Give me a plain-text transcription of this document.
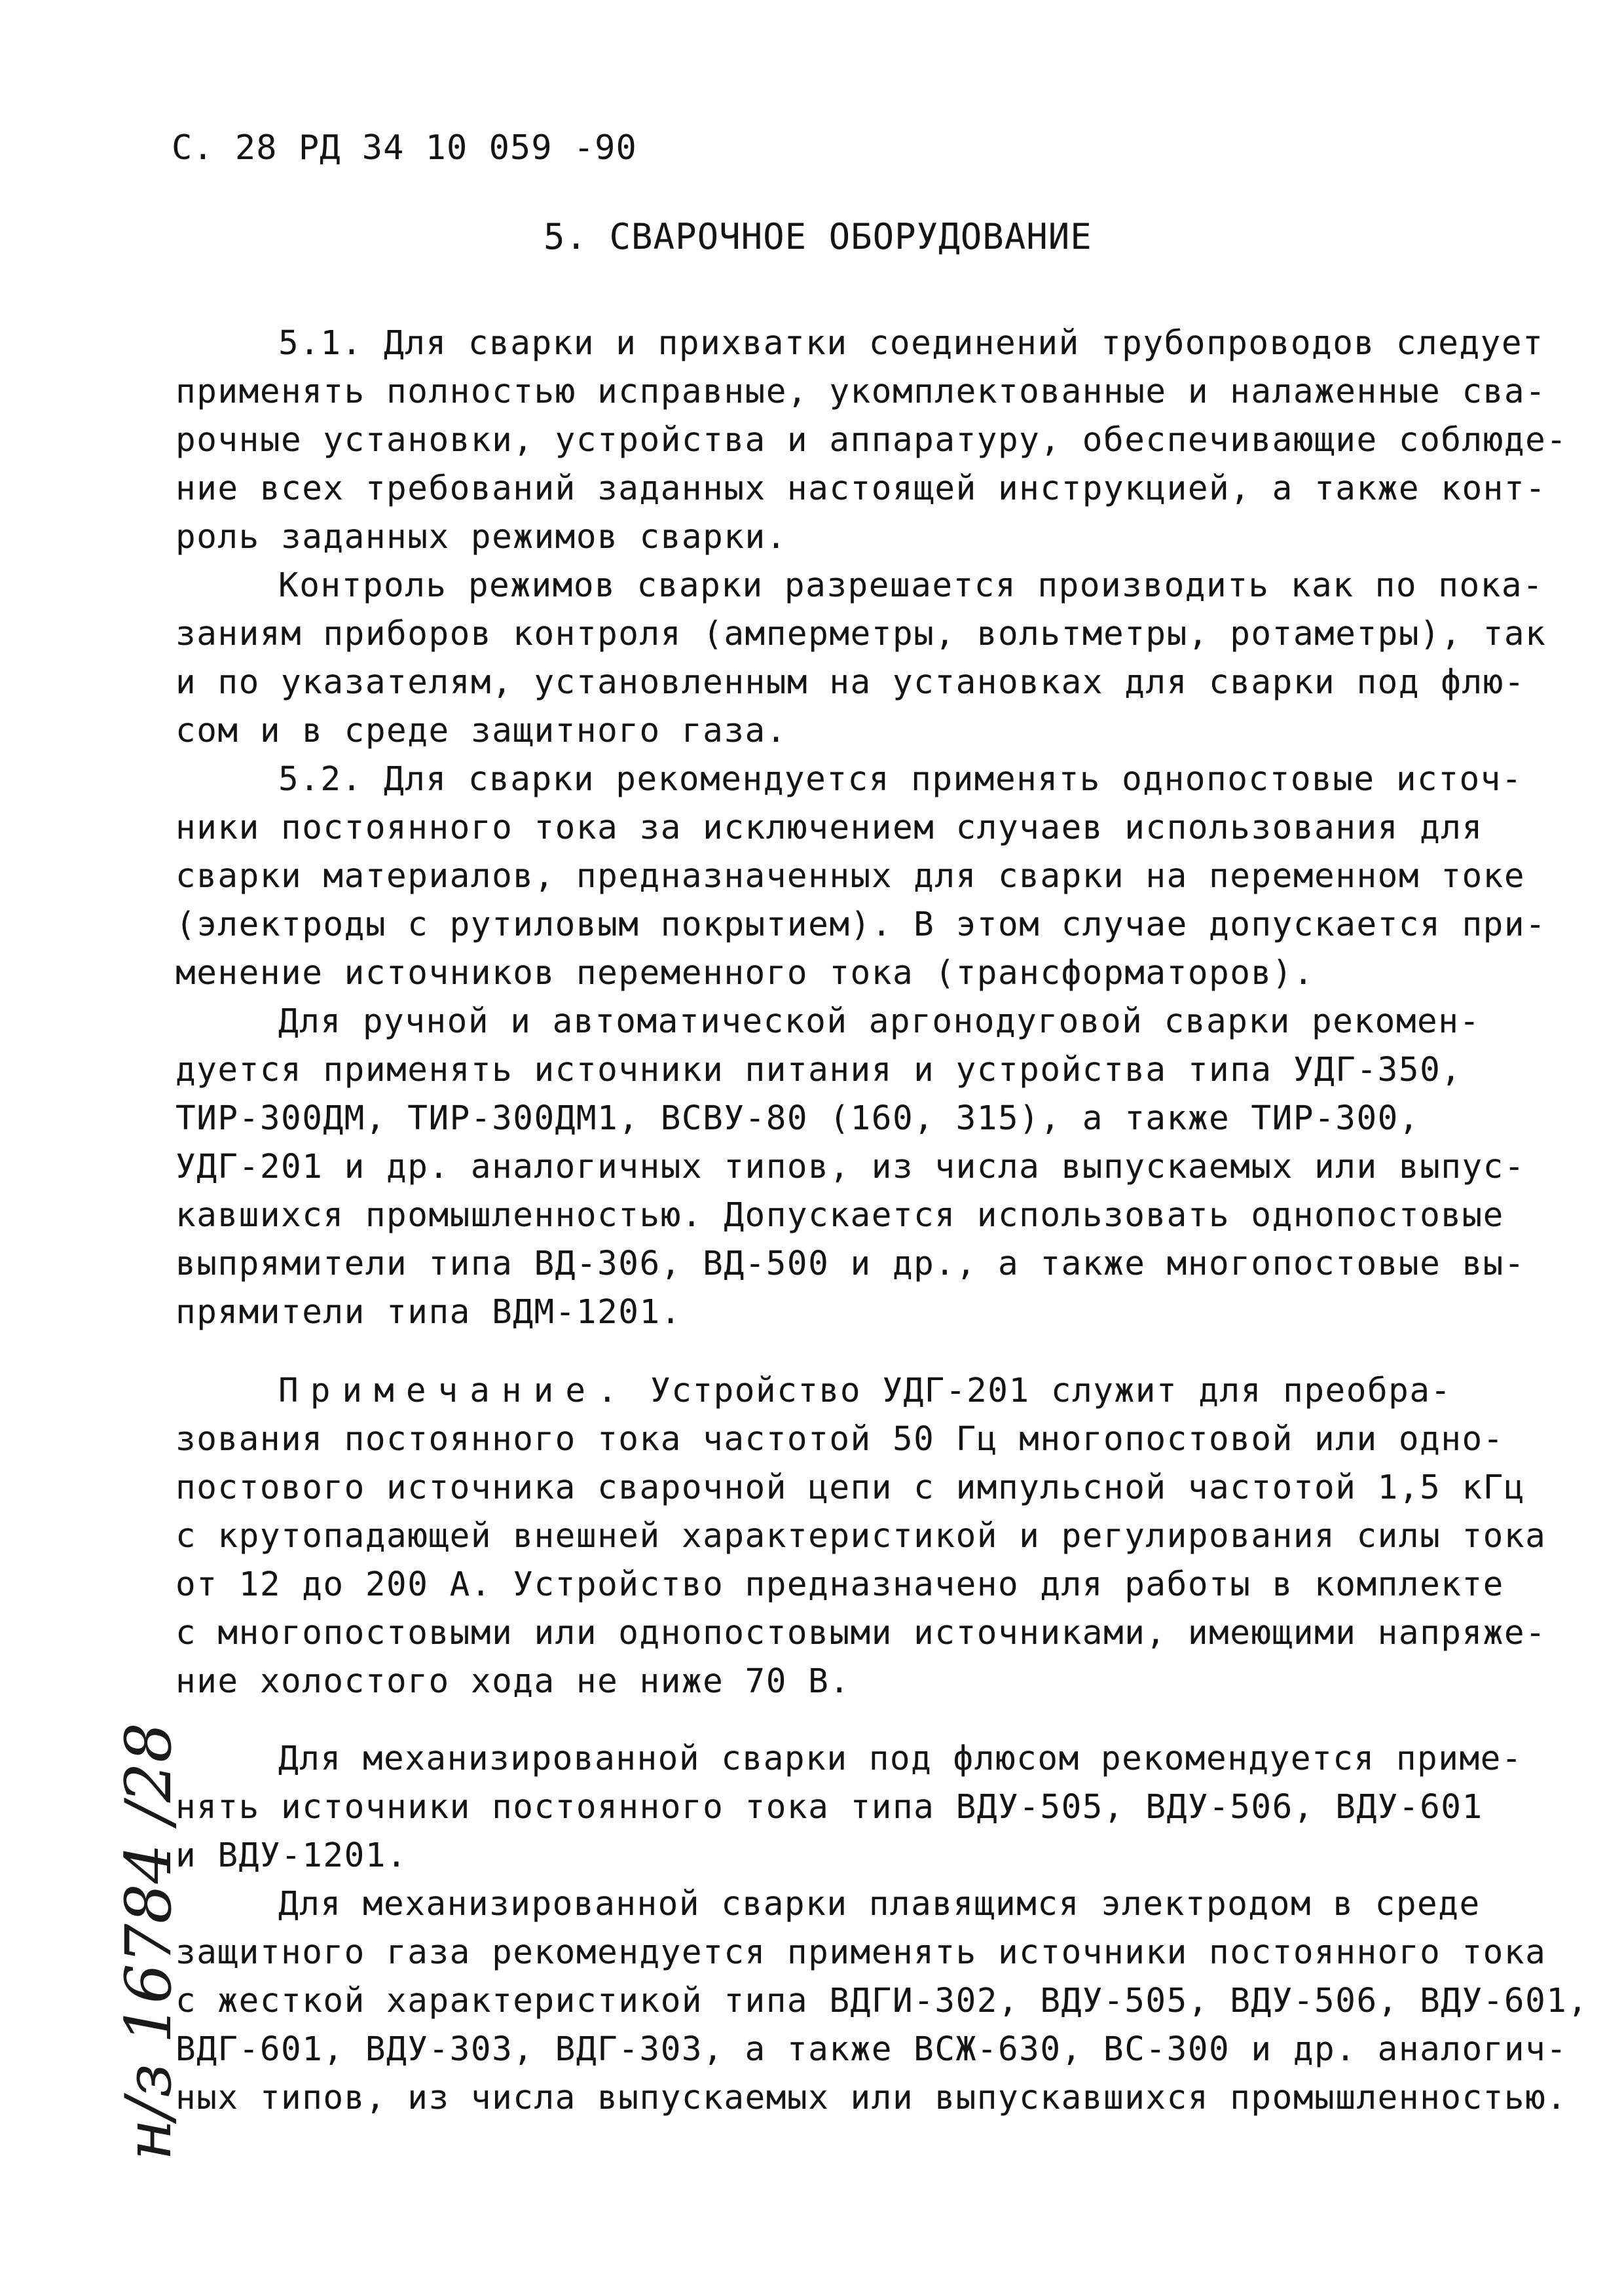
С. 28 РД 34 10 059 -90
5. СВАРОЧНОЕ ОБОРУДОВАНИЕ
5.1. Для сварки и прихватки соединений трубопроводов следует
применять полностью исправные, укомплектованные и налаженные сва-
рочные установки, устройства и аппаратуру, обеспечивающие соблюде-
ние всех требований заданных настоящей инструкцией, а также конт-
роль заданных режимов сварки.
Контроль режимов сварки разрешается производить как по пока-
заниям приборов контроля (амперметры, вольтметры, ротаметры), так
и по указателям, установленным на установках для сварки под флю-
сом и в среде защитного газа.
5.2. Для сварки рекомендуется применять однопостовые источ-
ники постоянного тока за исключением случаев использования для
сварки материалов, предназначенных для сварки на переменном токе
(электроды с рутиловым покрытием). В этом случае допускается при-
менение источников переменного тока (трансформаторов).
Для ручной и автоматической аргонодуговой сварки рекомен-
дуется применять источники питания и устройства типа УДГ-350,
ТИР-300ДМ, ТИР-300ДМ1, ВСВУ-80 (160, 315), а также ТИР-300,
УДГ-201 и др. аналогичных типов, из числа выпускаемых или выпус-
кавшихся промышленностью. Допускается использовать однопостовые
выпрямители типа ВД-306, ВД-500 и др., а также многопостовые вы-
прямители типа ВДМ-1201.
Примечание. Устройство УДГ-201 служит для преобра-
зования постоянного тока частотой 50 Гц многопостовой или одно-
постового источника сварочной цепи с импульсной частотой 1,5 кГц
с крутопадающей внешней характеристикой и регулирования силы тока
от 12 до 200 А. Устройство предназначено для работы в комплекте
с многопостовыми или однопостовыми источниками, имеющими напряже-
ние холостого хода не ниже 70 В.
Для механизированной сварки под флюсом рекомендуется приме-
нять источники постоянного тока типа ВДУ-505, ВДУ-506, ВДУ-601
и ВДУ-1201.
Для механизированной сварки плавящимся электродом в среде
защитного газа рекомендуется применять источники постоянного тока
с жесткой характеристикой типа ВДГИ-302, ВДУ-505, ВДУ-506, ВДУ-601,
ВДГ-601, ВДУ-303, ВДГ-303, а также ВСЖ-630, ВС-300 и др. аналогич-
ных типов, из числа выпускаемых или выпускавшихся промышленностью.
н/з 16784 /28
